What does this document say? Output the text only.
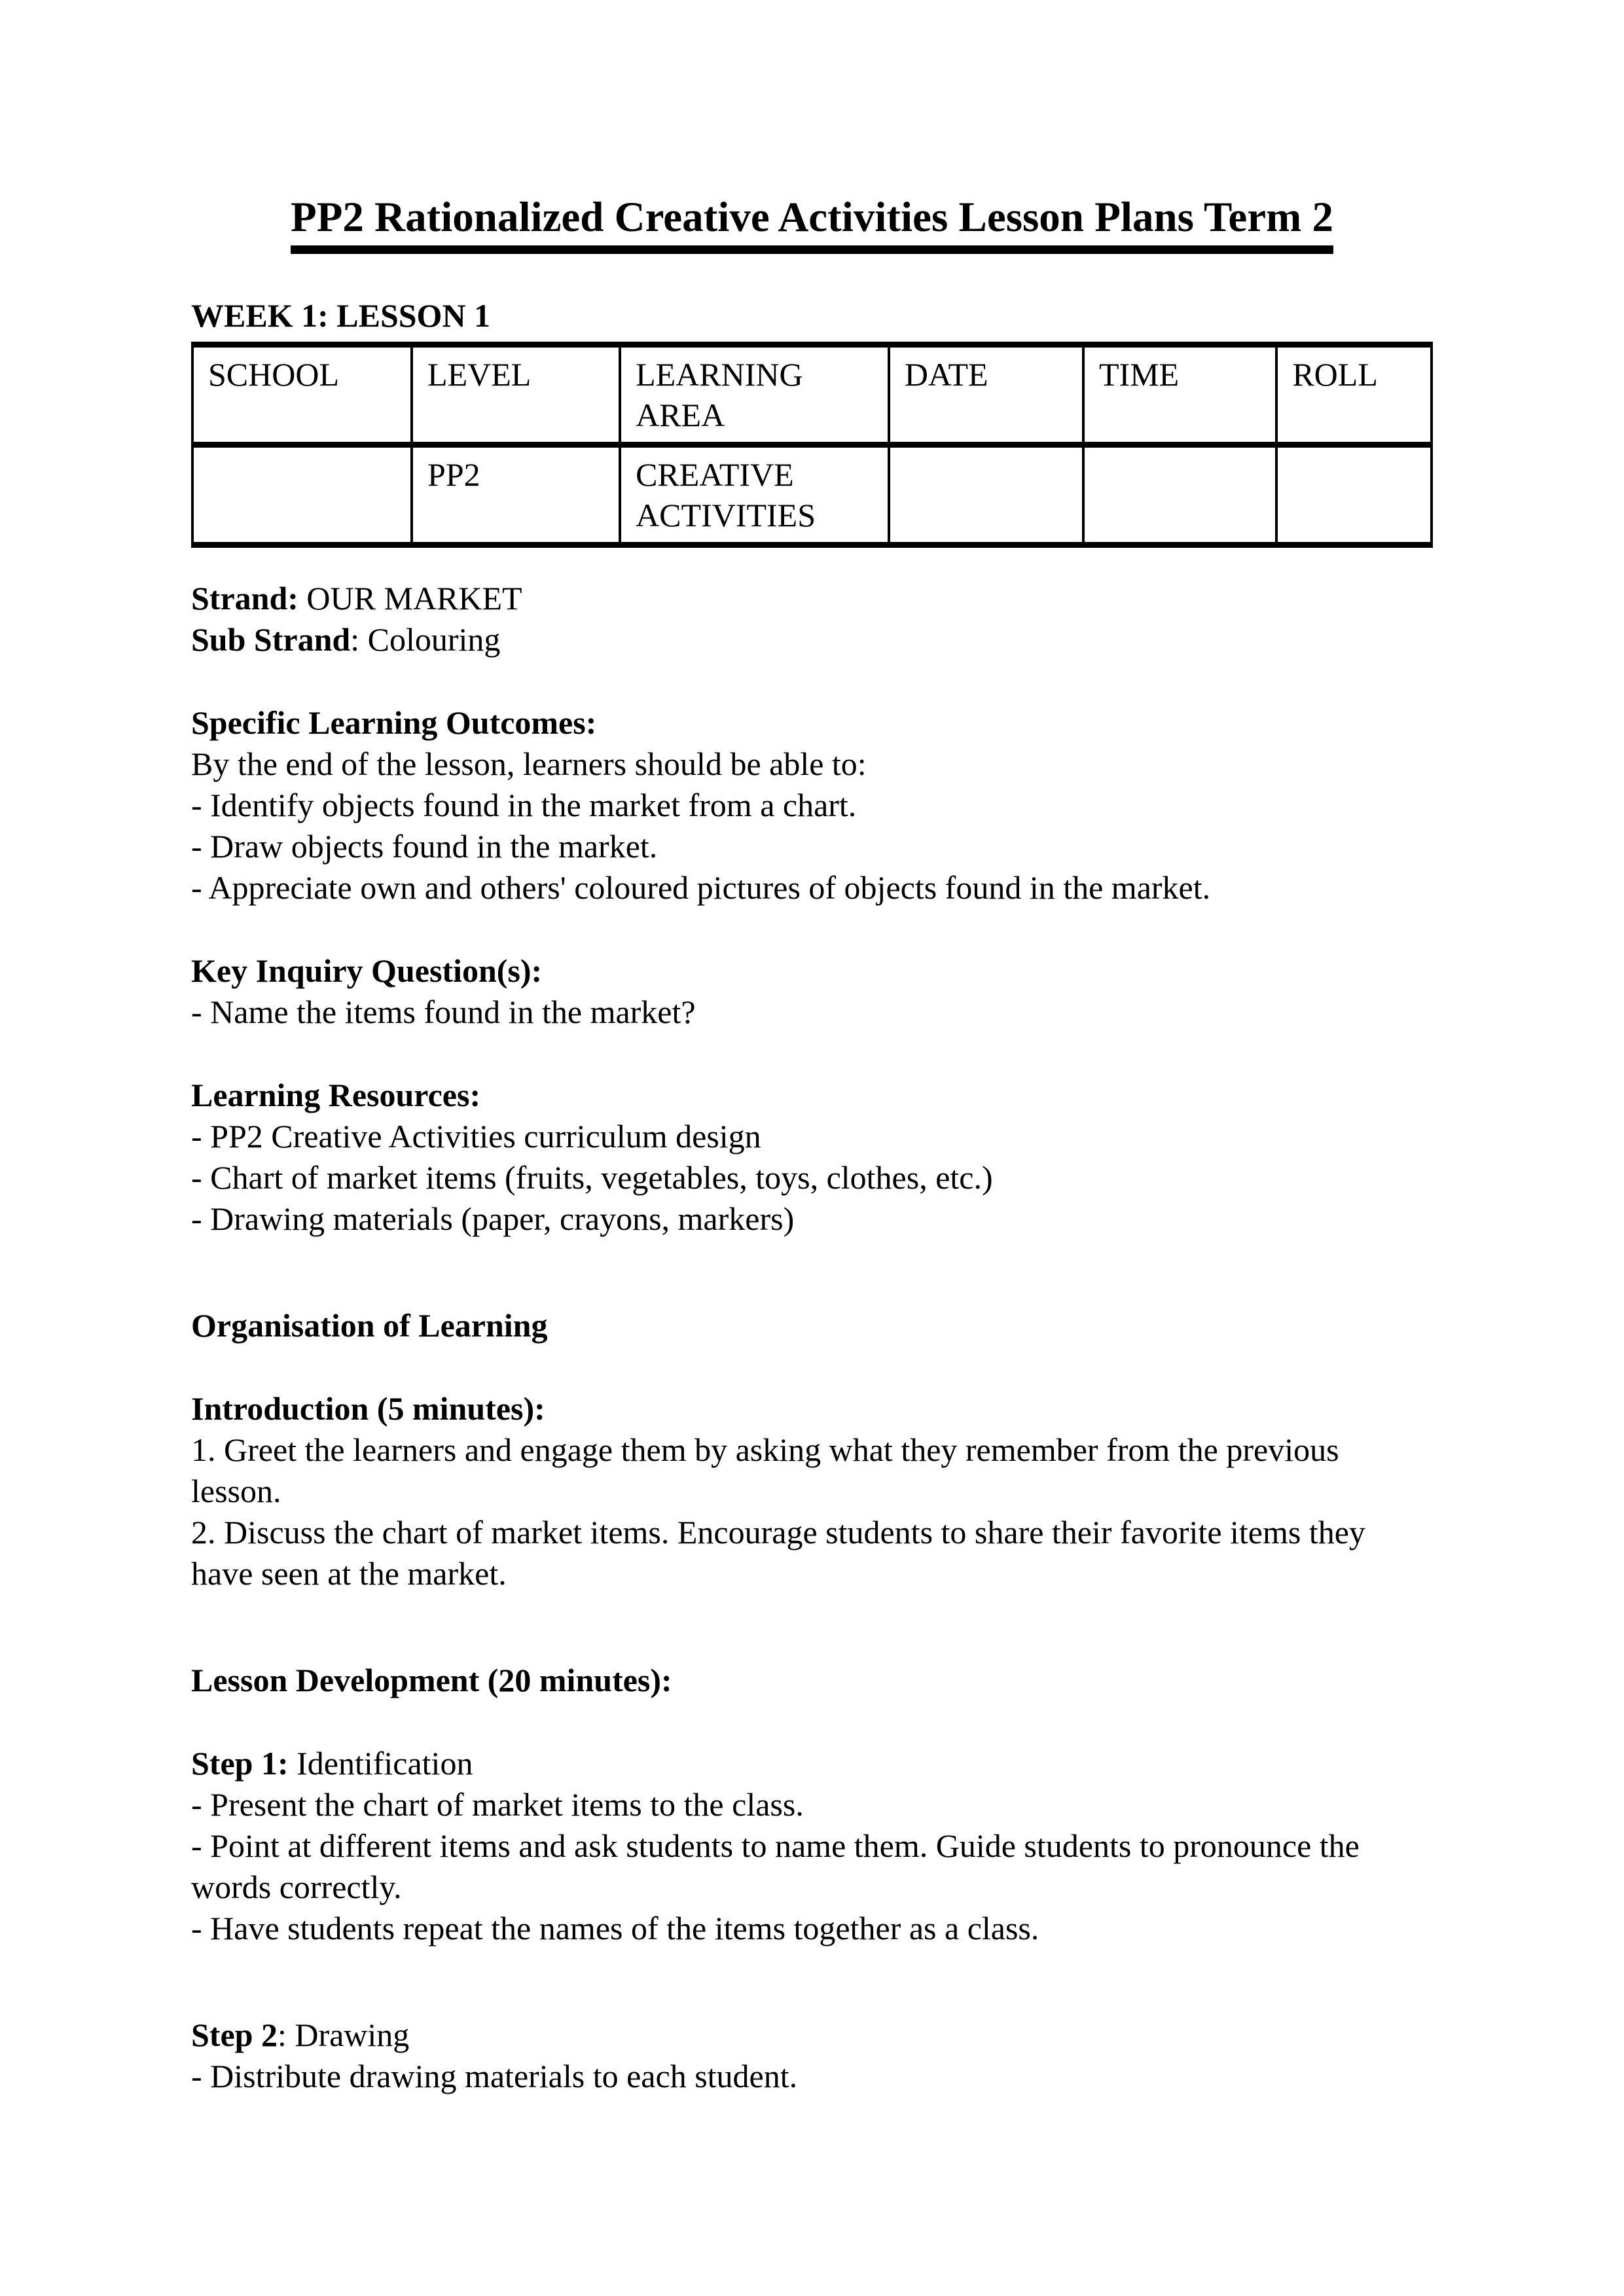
PP2 Rationalized Creative Activities Lesson Plans Term 2

WEEK 1: LESSON 1

SCHOOL	LEVEL	LEARNING AREA	DATE	TIME	ROLL
	PP2	CREATIVE ACTIVITIES			

Strand: OUR MARKET

Sub Strand: Colouring

Specific Learning Outcomes:

By the end of the lesson, learners should be able to:

- Identify objects found in the market from a chart.

- Draw objects found in the market.

- Appreciate own and others' coloured pictures of objects found in the market.

Key Inquiry Question(s):

- Name the items found in the market?

Learning Resources:

- PP2 Creative Activities curriculum design

- Chart of market items (fruits, vegetables, toys, clothes, etc.)

- Drawing materials (paper, crayons, markers)

Organisation of Learning

Introduction (5 minutes):

1. Greet the learners and engage them by asking what they remember from the previous

lesson.

2. Discuss the chart of market items. Encourage students to share their favorite items they

have seen at the market.

Lesson Development (20 minutes):

Step 1: Identification

- Present the chart of market items to the class.

- Point at different items and ask students to name them. Guide students to pronounce the

words correctly.

- Have students repeat the names of the items together as a class.

Step 2: Drawing

- Distribute drawing materials to each student.
